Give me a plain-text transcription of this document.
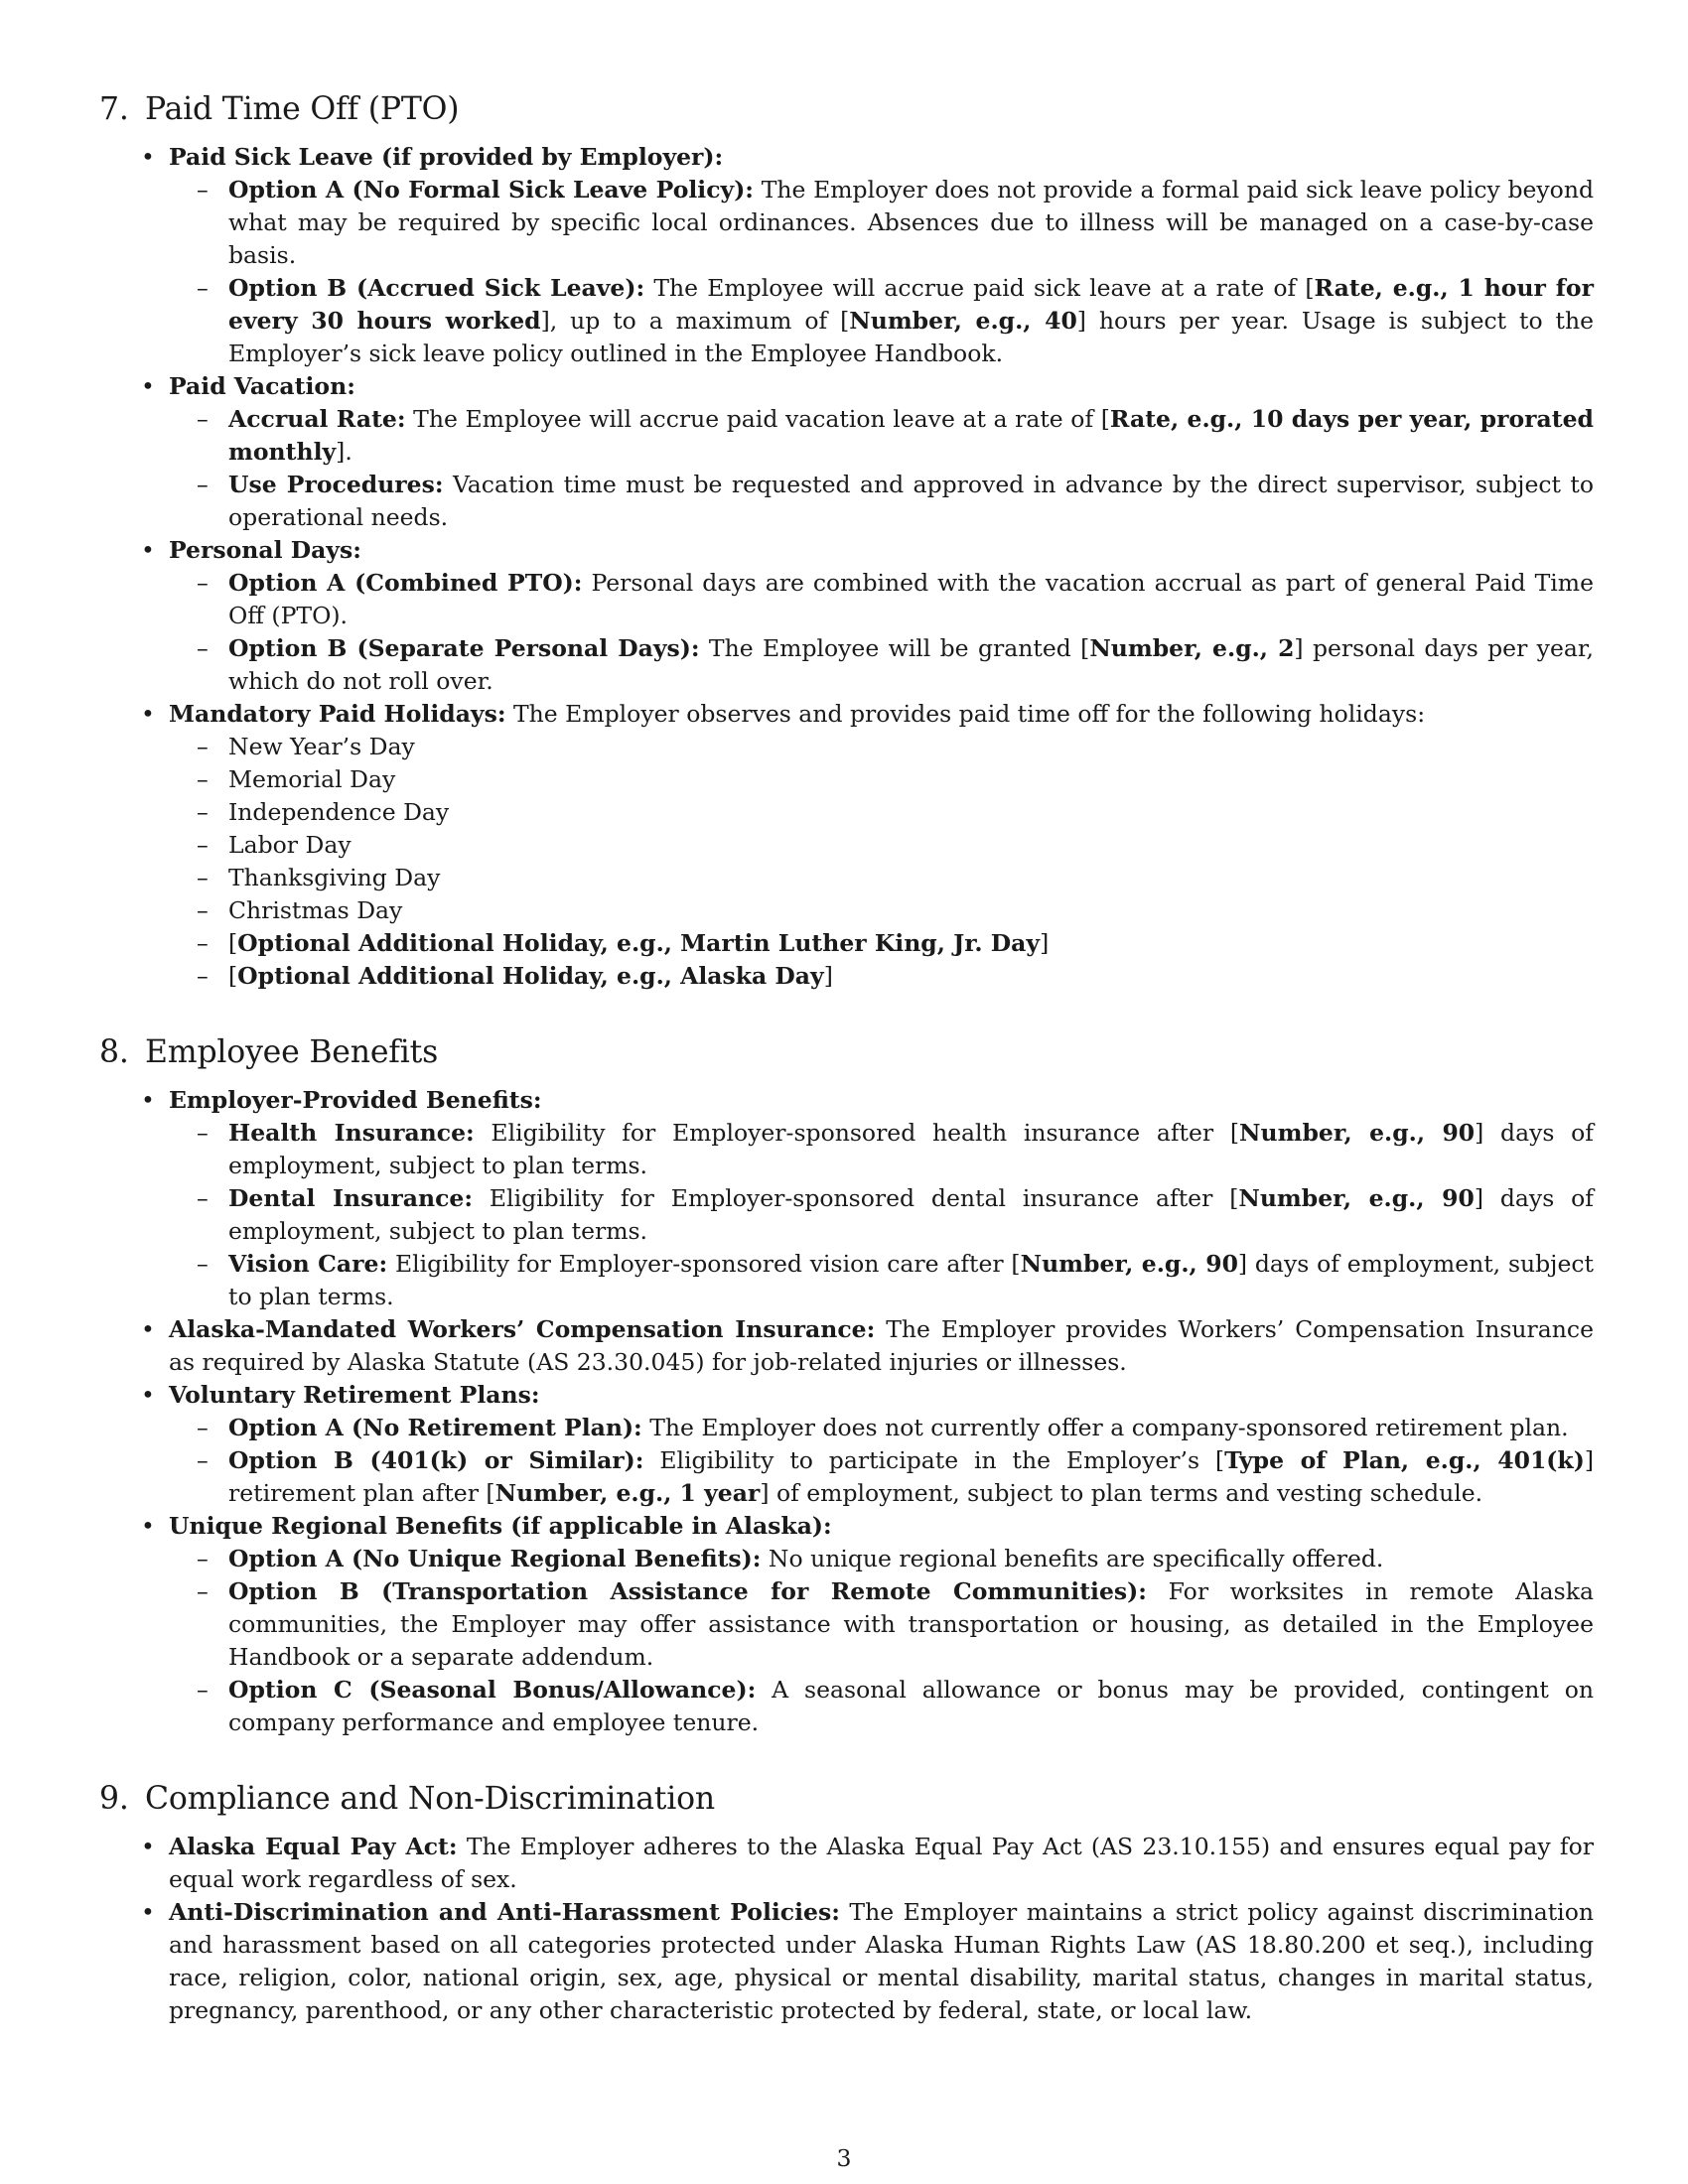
7. Paid Time Off (PTO)
• Paid Sick Leave (if provided by Employer):
– Option A (No Formal Sick Leave Policy): The Employer does not provide a formal paid sick leave policy beyond what may be required by specific local ordinances. Absences due to illness will be managed on a case-by-case basis.
– Option B (Accrued Sick Leave): The Employee will accrue paid sick leave at a rate of [Rate, e.g., 1 hour for every 30 hours worked], up to a maximum of [Number, e.g., 40] hours per year. Usage is subject to the Employer’s sick leave policy outlined in the Employee Handbook.
• Paid Vacation:
– Accrual Rate: The Employee will accrue paid vacation leave at a rate of [Rate, e.g., 10 days per year, prorated monthly].
– Use Procedures: Vacation time must be requested and approved in advance by the direct supervisor, subject to operational needs.
• Personal Days:
– Option A (Combined PTO): Personal days are combined with the vacation accrual as part of general Paid Time Off (PTO).
– Option B (Separate Personal Days): The Employee will be granted [Number, e.g., 2] personal days per year, which do not roll over.
• Mandatory Paid Holidays: The Employer observes and provides paid time off for the following holidays:
– New Year’s Day
– Memorial Day
– Independence Day
– Labor Day
– Thanksgiving Day
– Christmas Day
– [Optional Additional Holiday, e.g., Martin Luther King, Jr. Day]
– [Optional Additional Holiday, e.g., Alaska Day]
8. Employee Benefits
• Employer-Provided Benefits:
– Health Insurance: Eligibility for Employer-sponsored health insurance after [Number, e.g., 90] days of employment, subject to plan terms.
– Dental Insurance: Eligibility for Employer-sponsored dental insurance after [Number, e.g., 90] days of employment, subject to plan terms.
– Vision Care: Eligibility for Employer-sponsored vision care after [Number, e.g., 90] days of employment, subject to plan terms.
• Alaska-Mandated Workers’ Compensation Insurance: The Employer provides Workers’ Compensation Insurance as required by Alaska Statute (AS 23.30.045) for job-related injuries or illnesses.
• Voluntary Retirement Plans:
– Option A (No Retirement Plan): The Employer does not currently offer a company-sponsored retirement plan.
– Option B (401(k) or Similar): Eligibility to participate in the Employer’s [Type of Plan, e.g., 401(k)] retirement plan after [Number, e.g., 1 year] of employment, subject to plan terms and vesting schedule.
• Unique Regional Benefits (if applicable in Alaska):
– Option A (No Unique Regional Benefits): No unique regional benefits are specifically offered.
– Option B (Transportation Assistance for Remote Communities): For worksites in remote Alaska communities, the Employer may offer assistance with transportation or housing, as detailed in the Employee Handbook or a separate addendum.
– Option C (Seasonal Bonus/Allowance): A seasonal allowance or bonus may be provided, contingent on company performance and employee tenure.
9. Compliance and Non-Discrimination
• Alaska Equal Pay Act: The Employer adheres to the Alaska Equal Pay Act (AS 23.10.155) and ensures equal pay for equal work regardless of sex.
• Anti-Discrimination and Anti-Harassment Policies: The Employer maintains a strict policy against discrimination and harassment based on all categories protected under Alaska Human Rights Law (AS 18.80.200 et seq.), including race, religion, color, national origin, sex, age, physical or mental disability, marital status, changes in marital status, pregnancy, parenthood, or any other characteristic protected by federal, state, or local law.
3
